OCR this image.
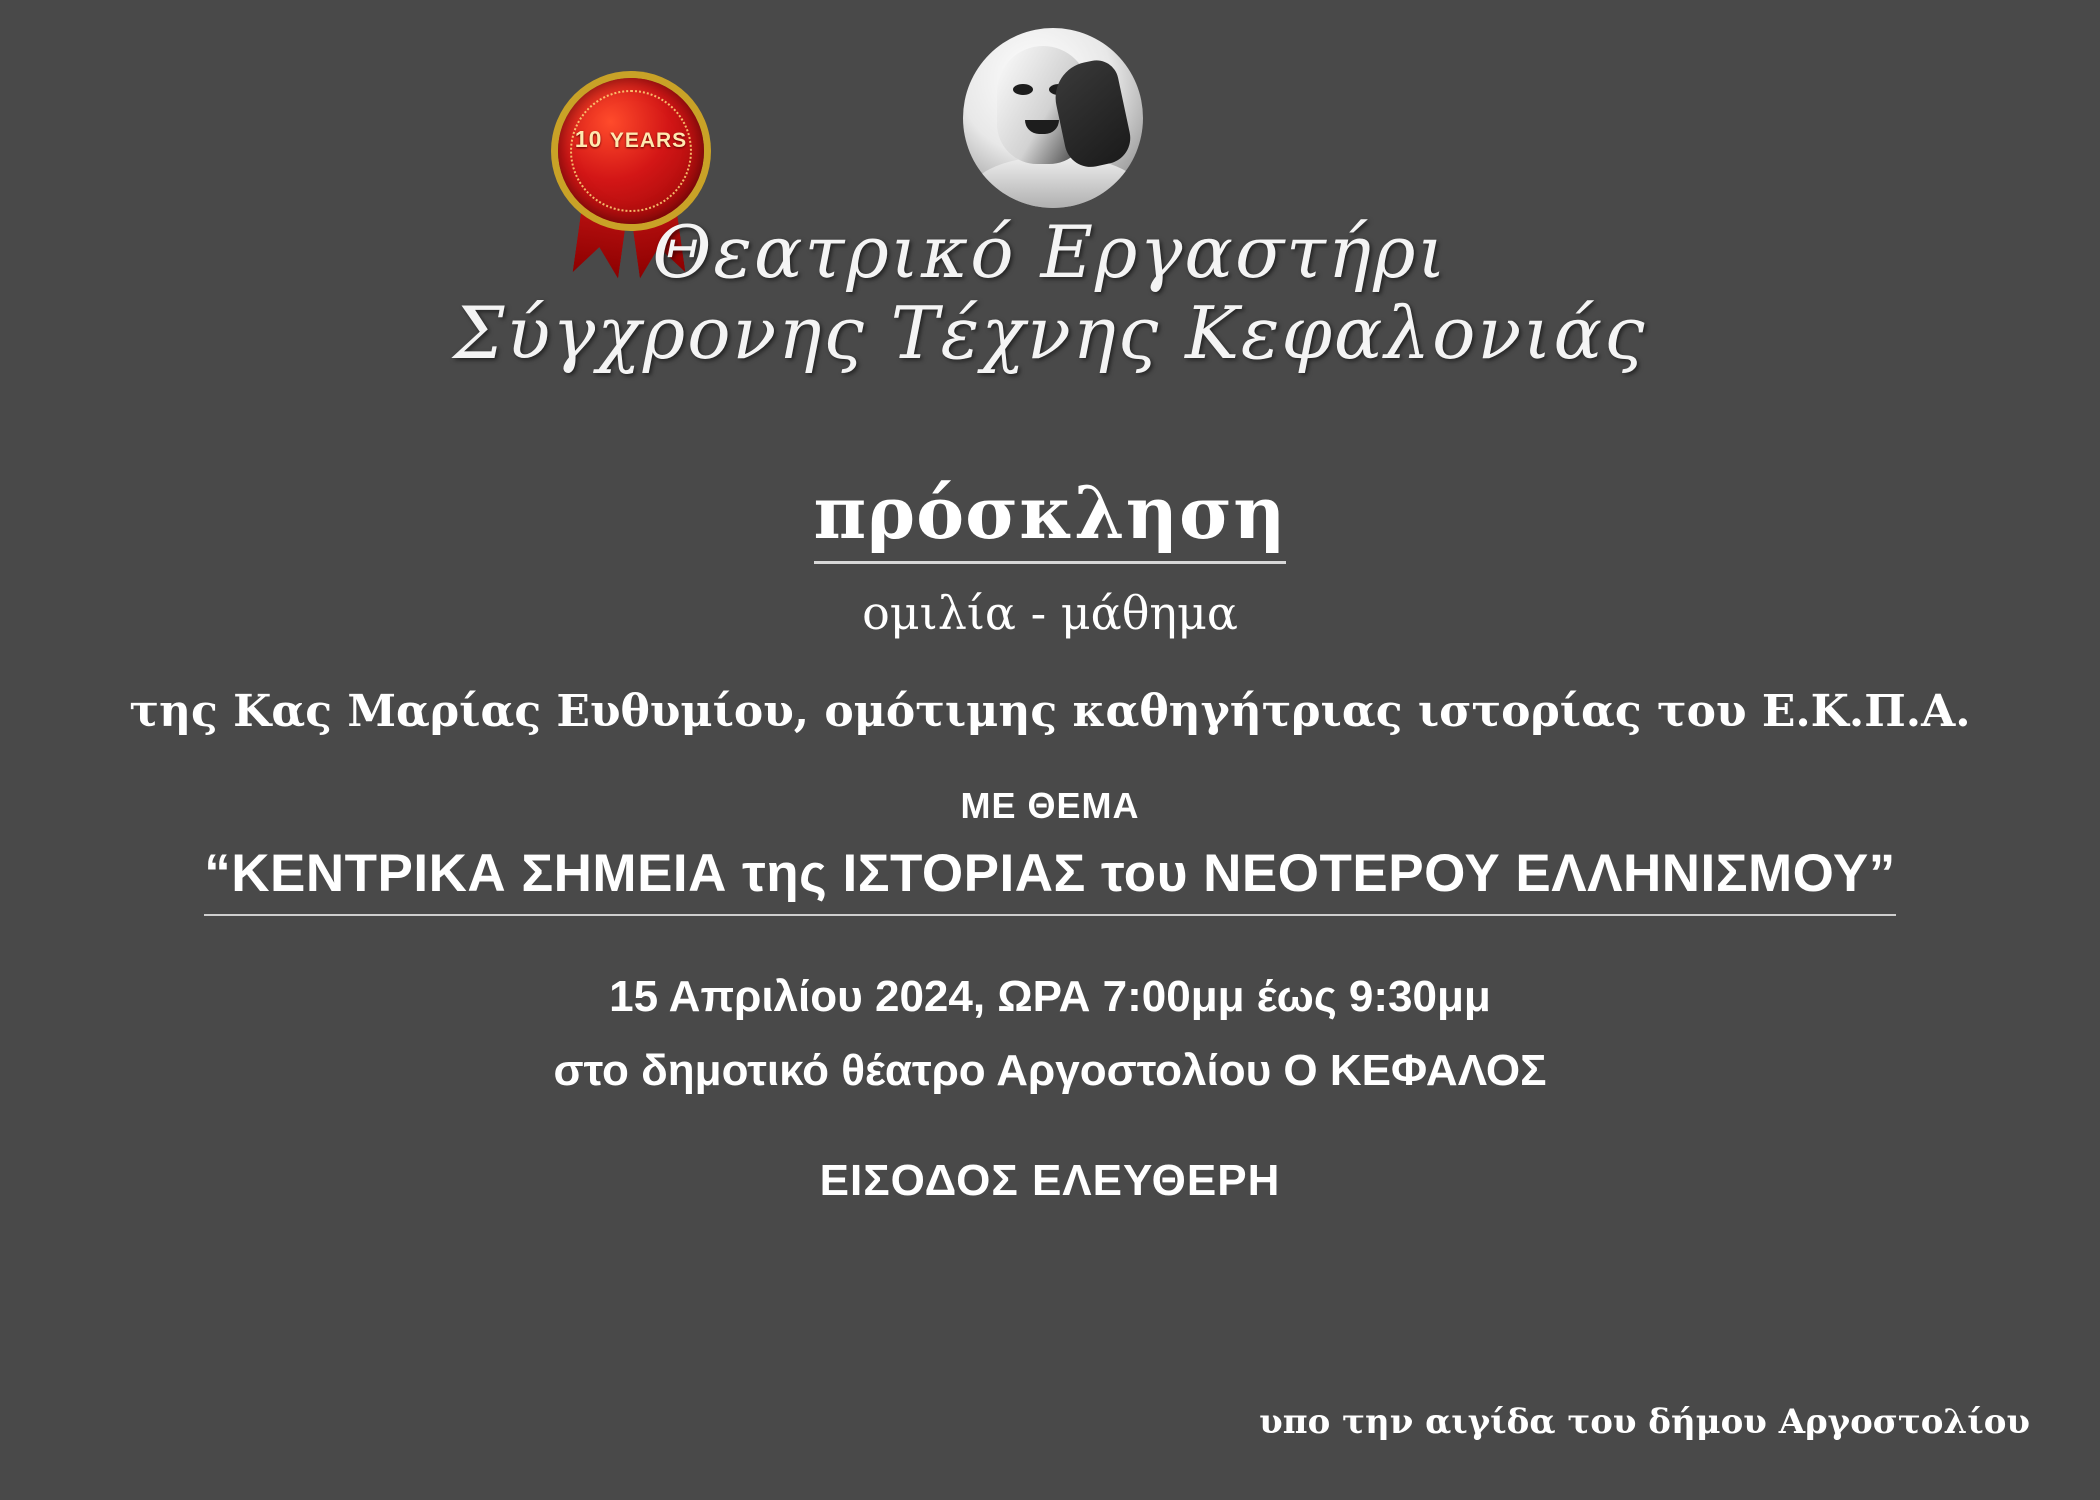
10 YEARS
Θεατρικό Εργαστήρι
Σύγχρονης Τέχνης Κεφαλονιάς
πρόσκληση
ομιλία - μάθημα
της Κας Μαρίας Ευθυμίου, ομότιμης καθηγήτριας ιστορίας του Ε.Κ.Π.Α.
ΜΕ ΘΕΜΑ
“ΚΕΝΤΡΙΚΑ ΣΗΜΕΙΑ της ΙΣΤΟΡΙΑΣ του ΝΕΟΤΕΡΟΥ ΕΛΛΗΝΙΣΜΟΥ”
15 Απριλίου 2024, ΩΡΑ 7:00μμ έως 9:30μμ
στο δημοτικό θέατρο Αργοστολίου Ο ΚΕΦΑΛΟΣ
ΕΙΣΟΔΟΣ ΕΛΕΥΘΕΡΗ
υπο την αιγίδα του δήμου Αργοστολίου
